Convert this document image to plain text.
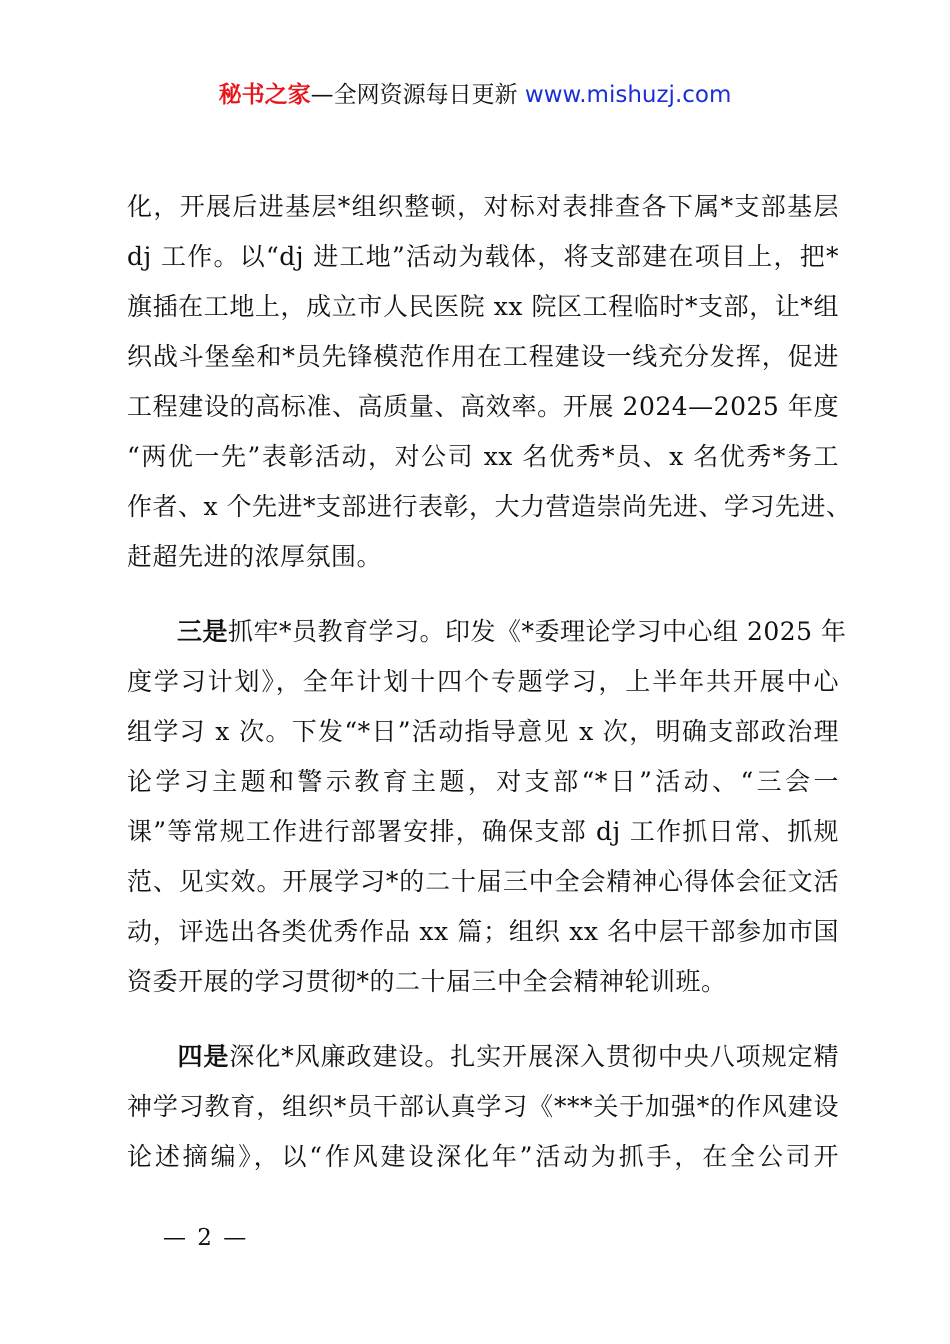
秘书之家—全网资源每日更新 www.mishuzj.com
化，开展后进基层*组织整顿，对标对表排查各下属*支部基层
dj 工作。以“dj 进工地”活动为载体，将支部建在项目上，把*
旗插在工地上，成立市人民医院 xx 院区工程临时*支部，让*组
织战斗堡垒和*员先锋模范作用在工程建设一线充分发挥，促进
工程建设的高标准、高质量、高效率。开展 2024—2025 年度
“两优一先”表彰活动，对公司 xx 名优秀*员、x 名优秀*务工
作者、x 个先进*支部进行表彰，大力营造崇尚先进、学习先进、
赶超先进的浓厚氛围。
三是抓牢*员教育学习。印发《*委理论学习中心组 2025 年
度学习计划》，全年计划十四个专题学习，上半年共开展中心
组学习 x 次。下发“*日”活动指导意见 x 次，明确支部政治理
论学习主题和警示教育主题，对支部“*日”活动、“三会一
课”等常规工作进行部署安排，确保支部 dj 工作抓日常、抓规
范、见实效。开展学习*的二十届三中全会精神心得体会征文活
动，评选出各类优秀作品 xx 篇；组织 xx 名中层干部参加市国
资委开展的学习贯彻*的二十届三中全会精神轮训班。
四是深化*风廉政建设。扎实开展深入贯彻中央八项规定精
神学习教育，组织*员干部认真学习《***关于加强*的作风建设
论述摘编》，以“作风建设深化年”活动为抓手，在全公司开
— 2 —
